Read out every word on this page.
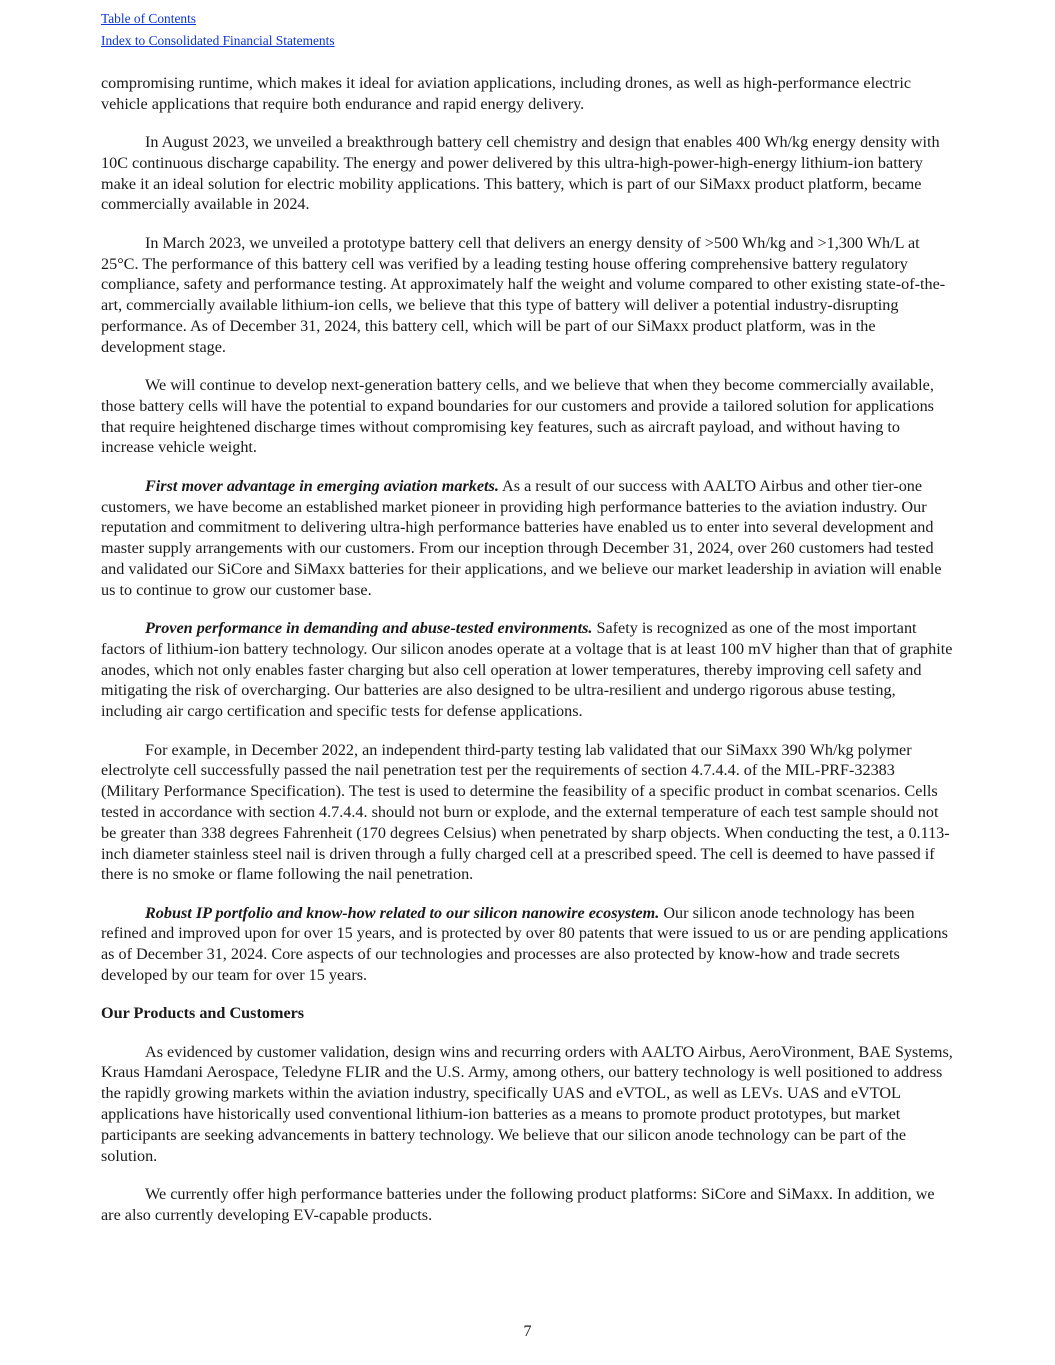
Table of Contents
Index to Consolidated Financial Statements

compromising runtime, which makes it ideal for aviation applications, including drones, as well as high-performance electric vehicle applications that require both endurance and rapid energy delivery.

In August 2023, we unveiled a breakthrough battery cell chemistry and design that enables 400 Wh/kg energy density with 10C continuous discharge capability. The energy and power delivered by this ultra-high-power-high-energy lithium-ion battery make it an ideal solution for electric mobility applications. This battery, which is part of our SiMaxx product platform, became commercially available in 2024.

In March 2023, we unveiled a prototype battery cell that delivers an energy density of >500 Wh/kg and >1,300 Wh/L at 25°C. The performance of this battery cell was verified by a leading testing house offering comprehensive battery regulatory compliance, safety and performance testing. At approximately half the weight and volume compared to other existing state-of-the-art, commercially available lithium-ion cells, we believe that this type of battery will deliver a potential industry-disrupting performance. As of December 31, 2024, this battery cell, which will be part of our SiMaxx product platform, was in the development stage.

We will continue to develop next-generation battery cells, and we believe that when they become commercially available, those battery cells will have the potential to expand boundaries for our customers and provide a tailored solution for applications that require heightened discharge times without compromising key features, such as aircraft payload, and without having to increase vehicle weight.

First mover advantage in emerging aviation markets. As a result of our success with AALTO Airbus and other tier-one customers, we have become an established market pioneer in providing high performance batteries to the aviation industry. Our reputation and commitment to delivering ultra-high performance batteries have enabled us to enter into several development and master supply arrangements with our customers. From our inception through December 31, 2024, over 260 customers had tested and validated our SiCore and SiMaxx batteries for their applications, and we believe our market leadership in aviation will enable us to continue to grow our customer base.

Proven performance in demanding and abuse-tested environments. Safety is recognized as one of the most important factors of lithium-ion battery technology. Our silicon anodes operate at a voltage that is at least 100 mV higher than that of graphite anodes, which not only enables faster charging but also cell operation at lower temperatures, thereby improving cell safety and mitigating the risk of overcharging. Our batteries are also designed to be ultra-resilient and undergo rigorous abuse testing, including air cargo certification and specific tests for defense applications.

For example, in December 2022, an independent third-party testing lab validated that our SiMaxx 390 Wh/kg polymer electrolyte cell successfully passed the nail penetration test per the requirements of section 4.7.4.4. of the MIL-PRF-32383 (Military Performance Specification). The test is used to determine the feasibility of a specific product in combat scenarios. Cells tested in accordance with section 4.7.4.4. should not burn or explode, and the external temperature of each test sample should not be greater than 338 degrees Fahrenheit (170 degrees Celsius) when penetrated by sharp objects. When conducting the test, a 0.113-inch diameter stainless steel nail is driven through a fully charged cell at a prescribed speed. The cell is deemed to have passed if there is no smoke or flame following the nail penetration.

Robust IP portfolio and know-how related to our silicon nanowire ecosystem. Our silicon anode technology has been refined and improved upon for over 15 years, and is protected by over 80 patents that were issued to us or are pending applications as of December 31, 2024. Core aspects of our technologies and processes are also protected by know-how and trade secrets developed by our team for over 15 years.

Our Products and Customers

As evidenced by customer validation, design wins and recurring orders with AALTO Airbus, AeroVironment, BAE Systems, Kraus Hamdani Aerospace, Teledyne FLIR and the U.S. Army, among others, our battery technology is well positioned to address the rapidly growing markets within the aviation industry, specifically UAS and eVTOL, as well as LEVs. UAS and eVTOL applications have historically used conventional lithium-ion batteries as a means to promote product prototypes, but market participants are seeking advancements in battery technology. We believe that our silicon anode technology can be part of the solution.

We currently offer high performance batteries under the following product platforms: SiCore and SiMaxx. In addition, we are also currently developing EV-capable products.

7
